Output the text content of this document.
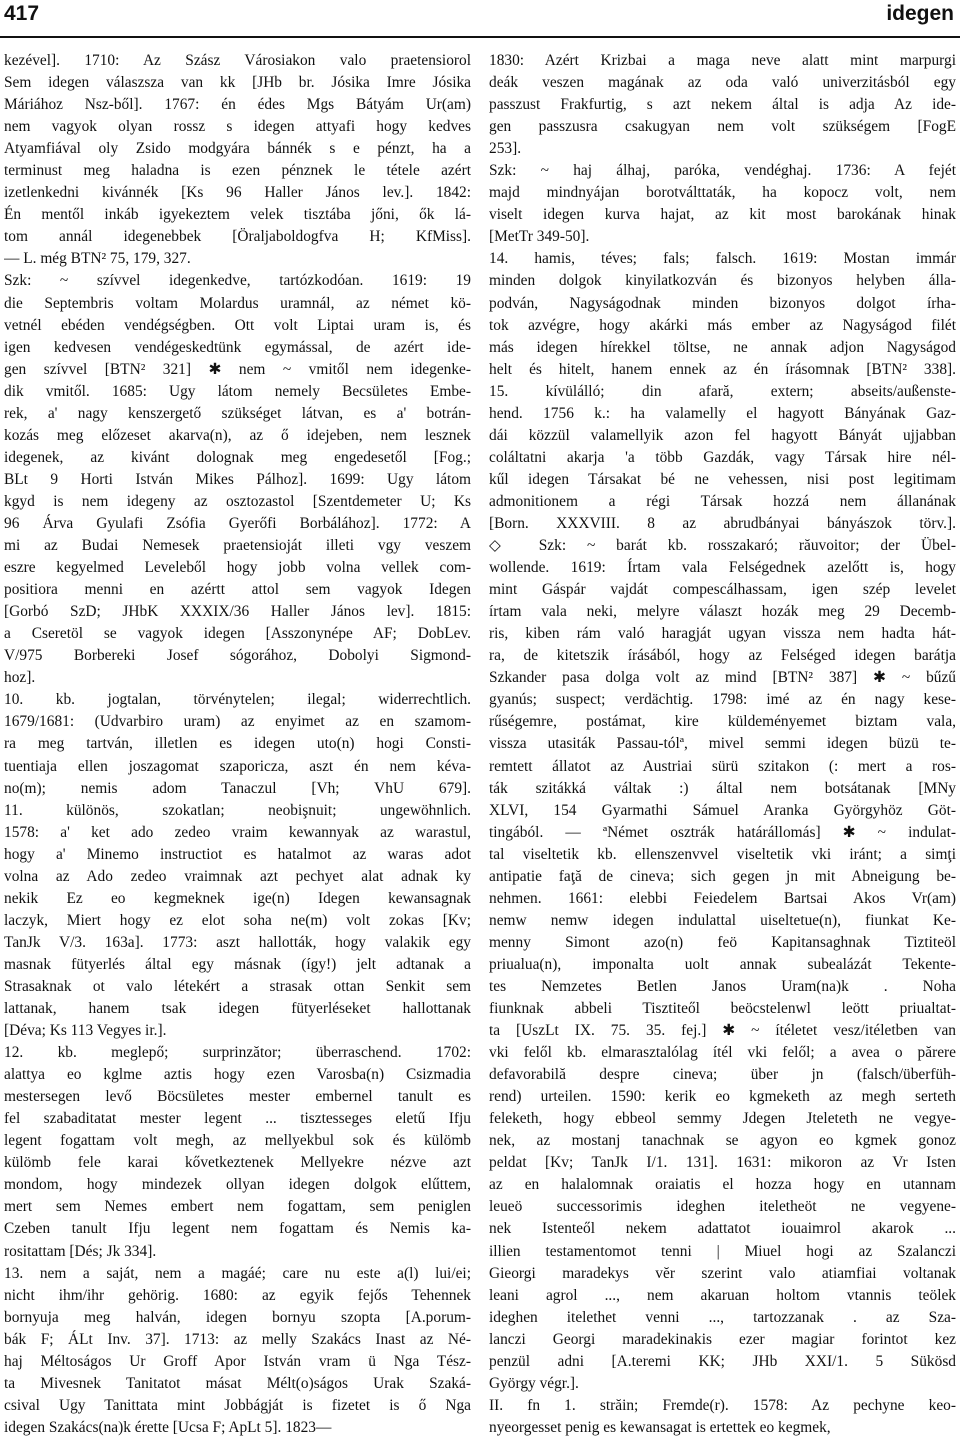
417	idegen
kezével]. 1710: Az Szász Városiakon valo praetensiorol
Sem idegen válaszsza van kk [JHb br. Jósika Imre Jósika
Máriához Nsz-ből]. 1767: én édes Mgs Bátyám Ur(am)
nem vagyok olyan rossz s idegen attyafi hogy kedves
Atyamfiával oly Zsido modgyára bánnék s e pénzt, ha a
terminust meg haladna is ezen pénznek le tétele azért
izetlenkedni kivánnék [Ks 96 Haller János lev.]. 1842:
Én mentől inkáb igyekeztem velek tisztába jőni, ők lá-
tom annál idegenebbek [Öraljaboldogfva H; KfMiss].
— L. még BTN² 75, 179, 327.
Szk: ~ szívvel idegenkedve, tartózkodóan. 1619: 19
die Septembris voltam Molardus uramnál, az német kö-
vetnél ebéden vendégségben. Ott volt Liptai uram is, és
igen kedvesen vendégeskedtünk egymással, de azért ide-
gen szívvel [BTN² 321] ✱ nem ~ vmitől nem idegenke-
dik vmitől. 1685: Ugy látom nemely Becsületes Embe-
rek, a' nagy kenszergető szükséget látvan, es a' botrán-
kozás meg előzeset akarva(n), az ő idejeben, nem lesznek
idegenek, az kivánt dolognak meg engedesetől [Fog.;
BLt 9 Horti István Mikes Pálhoz]. 1699: Ugy látom
kgyd is nem idegeny az osztozastol [Szentdemeter U; Ks
96 Árva Gyulafi Zsófia Gyerőfi Borbálához]. 1772: A
mi az Budai Nemesek praetensioját illeti vgy veszem
eszre kegyelmed Leveleből hogy jobb volna vellek com-
positiora menni en azértt attol sem vagyok Idegen
[Gorbó SzD; JHbK XXXIX/36 Haller János lev]. 1815:
a Cseretöl se vagyok idegen [Asszonynépe AF; DobLev.
V/975 Borbereki Josef sógorához, Dobolyi Sigmond-
hoz].
10. kb. jogtalan, törvénytelen; ilegal; widerrechtlich.
1679/1681: (Udvarbiro uram) az enyimet az en szamom-
ra meg tartván, illetlen es idegen uto(n) hogi Consti-
tuentiaja ellen joszagomat szaporicza, aszt én nem kéva-
no(m); nemis adom Tanaczul [Vh; VhU 679].
11. különös, szokatlan; neobişnuit; ungewöhnlich.
1578: a' ket ado zedeo vraim kewannyak az warastul,
hogy a' Minemo instructiot es hatalmot az waras adot
volna az Ado zedeo vraimnak azt pechyet alat adnak ky
nekik Ez eo kegmeknek ige(n) Idegen kewansagnak
laczyk, Miert hogy ez elot soha ne(m) volt zokas [Kv;
TanJk V/3. 163a]. 1773: aszt hallották, hogy valakik egy
masnak fütyerlés által egy másnak (így!) jelt adtanak a
Strasaknak ot valo létekért a strasak ottan Senkit sem
lattanak, hanem tsak idegen fütyerléseket hallottanak
[Déva; Ks 113 Vegyes ir.].
12. kb. meglepő; surprinzător; überraschend. 1702:
alattya eo kglme aztis hogy ezen Varosba(n) Csizmadia
mestersegen levő Böcsületes mester embernel tanult es
fel szabaditatat mester legent ... tisztesseges eletű Ifju
legent fogattam volt megh, az mellyekbul sok és külömb
külömb fele karai kővetkeztenek Mellyekre nézve azt
mondom, hogy mindezek ollyan idegen dolgok elűttem,
mert sem Nemes embert nem fogattam, sem peniglen
Czeben tanult Ifju legent nem fogattam és Nemis ka-
rositattam [Dés; Jk 334].
13. nem a saját, nem a magáé; care nu este a(l) lui/ei;
nicht ihm/ihr gehörig. 1680: az egyik fejős Tehennek
bornyuja meg halván, idegen bornyu szopta [A.porum-
bák F; ÁLt Inv. 37]. 1713: az melly Szakács Inast az Né-
haj Méltoságos Ur Groff Apor István vram ü Nga Tész-
ta Mivesnek Tanitatot másat Mélt(o)ságos Urak Szaká-
csival Ugy Tanittata mint Jobbágját is fizetet is ő Nga
idegen Szakács(na)k érette [Ucsa F; ApLt 5]. 1823—
1830: Azért Krizbai a maga neve alatt mint marpurgi
deák veszen magának az oda való univerzitásból egy
passzust Frakfurtig, s azt nekem által is adja Az ide-
gen passzusra csakugyan nem volt szükségem [FogE
253].
Szk: ~ haj álhaj, paróka, vendéghaj. 1736: A fejét
majd mindnyájan borotválttaták, ha kopocz volt, nem
viselt idegen kurva hajat, az kit most barokának hinak
[MetTr 349-50].
14. hamis, téves; fals; falsch. 1619: Mostan immár
minden dolgok kinyilatkozván és bizonyos helyben álla-
podván, Nagyságodnak minden bizonyos dolgot írha-
tok azvégre, hogy akárki más ember az Nagyságod filét
más idegen hírekkel töltse, ne annak adjon Nagyságod
helt és hitelt, hanem ennek az én írásomnak [BTN² 338].
15. kívülálló; din afară, extern; abseits/außenste-
hend. 1756 k.: ha valamelly el hagyott Bányának Gaz-
dái közzül valamellyik azon fel hagyott Bányát ujjabban
coláltatni akarja 'a több Gazdák, vagy Társak hire nél-
kűl idegen Társakat bé ne vehessen, nisi post legitimam
admonitionem a régi Társak hozzá nem állanának
[Born. XXXVIII. 8 az abrudbányai bányászok törv.].
◇ Szk: ~ barát kb. rosszakaró; răuvoitor; der Übel-
wollende. 1619: Írtam vala Felségednek azelőtt is, hogy
mint Gáspár vajdát compescálhassam, igen szép levelet
írtam vala neki, melyre választ hozák meg 29 Decemb-
ris, kiben rám való haragját ugyan vissza nem hadta hát-
ra, de kitetszik írásából, hogy az Felséged idegen barátja
Szkander pasa dolga volt az mind [BTN² 387] ✱ ~ bűzű
gyanús; suspect; verdächtig. 1798: imé az én nagy kese-
rűségemre, postámat, kire küldeményemet biztam vala,
vissza utasiták Passau-tólª, mivel semmi idegen büzü te-
remtett állatot az Austriai sürü szitakon (: mert a ros-
ták szitákká váltak :) által nem botsátanak [MNy
XLVI, 154 Gyarmathi Sámuel Aranka Györgyhöz Göt-
tingából. — ªNémet osztrák határállomás] ✱ ~ indulat-
tal viseltetik kb. ellenszenvvel viseltetik vki iránt; a simţi
antipatie faţă de cineva; sich gegen jn mit Abneigung be-
nehmen. 1661: elebbi Feiedelem Bartsai Akos Vr(am)
nemw nemw idegen indulattal uiseltetue(n), fiunkat Ke-
menny Simont azo(n) feö Kapitansaghnak Tiztiteöl
priualua(n), imponalta uolt annak subealázát Tekente-
tes Nemzetes Betlen Janos Uram(na)k . Noha
fiunknak abbeli Tisztiteől beöcstelenwl leött priualtat-
ta [UszLt IX. 75. 35. fej.] ✱ ~ ítéletet vesz/itéletben van
vki felől kb. elmarasztalólag ítél vki felől; a avea o părere
defavorabilă despre cineva; über jn (falsch/überfüh-
rend) urteilen. 1590: kerik eo kgmeketh az megh serteth
feleketh, hogy ebbeol semmy Jdegen Jteleteth ne vegye-
nek, az mostanj tanachnak se agyon eo kgmek gonoz
peldat [Kv; TanJk I/1. 131]. 1631: mikoron az Vr Isten
az en halalomnak oraiatis el hozza hogy en utannam
leueö successorimis ideghen iteletheöt ne vegyene-
nek Istenteől nekem adattatot iouaimrol akarok ...
illien testamentomot tenni | Miuel hogi az Szalanczi
Gieorgi maradekys vĕr szerint valo atiamfiai voltanak
leani agrol ..., nem akaruan holtom vtannis teölek
ideghen itelethet venni ..., tartozzanak . az Sza-
lanczi Georgi maradekinakis ezer magiar forintot kez
penzül adni [A.teremi KK; JHb XXI/1. 5 Sükösd
György végr.].
II. fn 1. străin; Fremde(r). 1578: Az pechyne keo-
nyeorgesset penig es kewansagat is ertettek eo kegmek,
